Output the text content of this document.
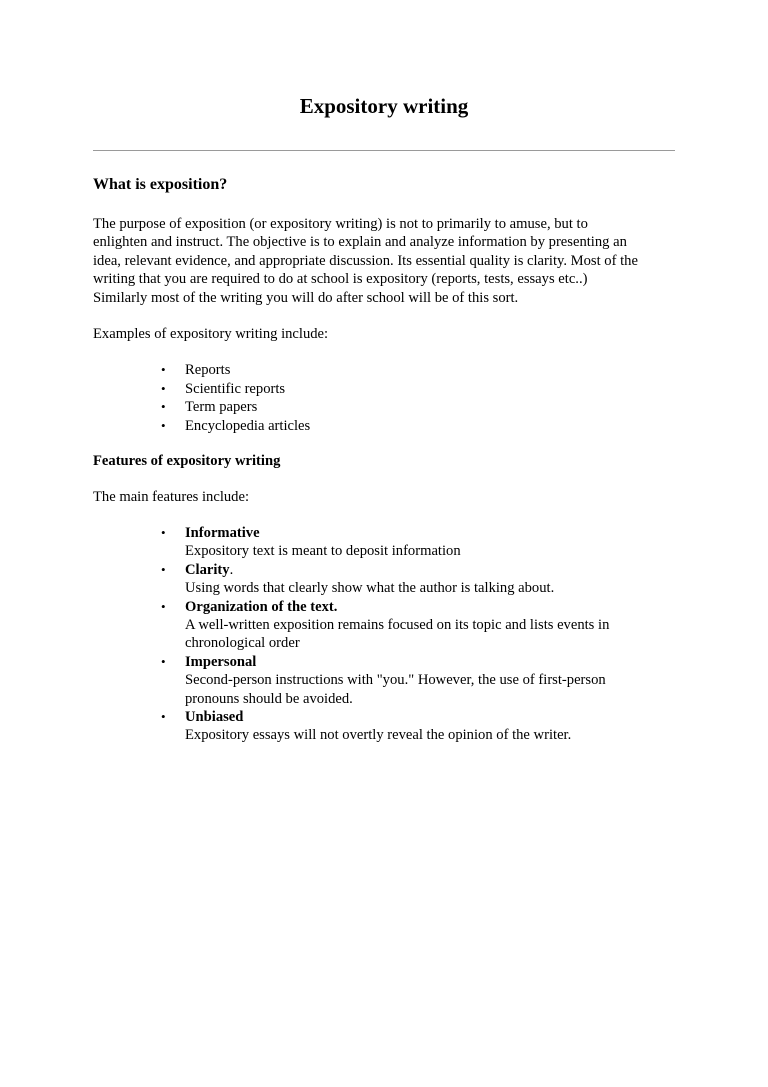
Expository writing
What is exposition?

The purpose of exposition (or expository writing) is not to primarily to amuse, but to
enlighten and instruct. The objective is to explain and analyze information by presenting an
idea, relevant evidence, and appropriate discussion. Its essential quality is clarity. Most of the
writing that you are required to do at school is expository (reports, tests, essays etc..)
Similarly most of the writing you will do after school will be of this sort.

Examples of expository writing include:

• Reports
• Scientific reports
• Term papers
• Encyclopedia articles

Features of expository writing

The main features include:

• Informative
Expository text is meant to deposit information
• Clarity.
Using words that clearly show what the author is talking about.
• Organization of the text.
A well-written exposition remains focused on its topic and lists events in
chronological order
• Impersonal
Second-person instructions with "you." However, the use of first-person
pronouns should be avoided.
• Unbiased
Expository essays will not overtly reveal the opinion of the writer.
